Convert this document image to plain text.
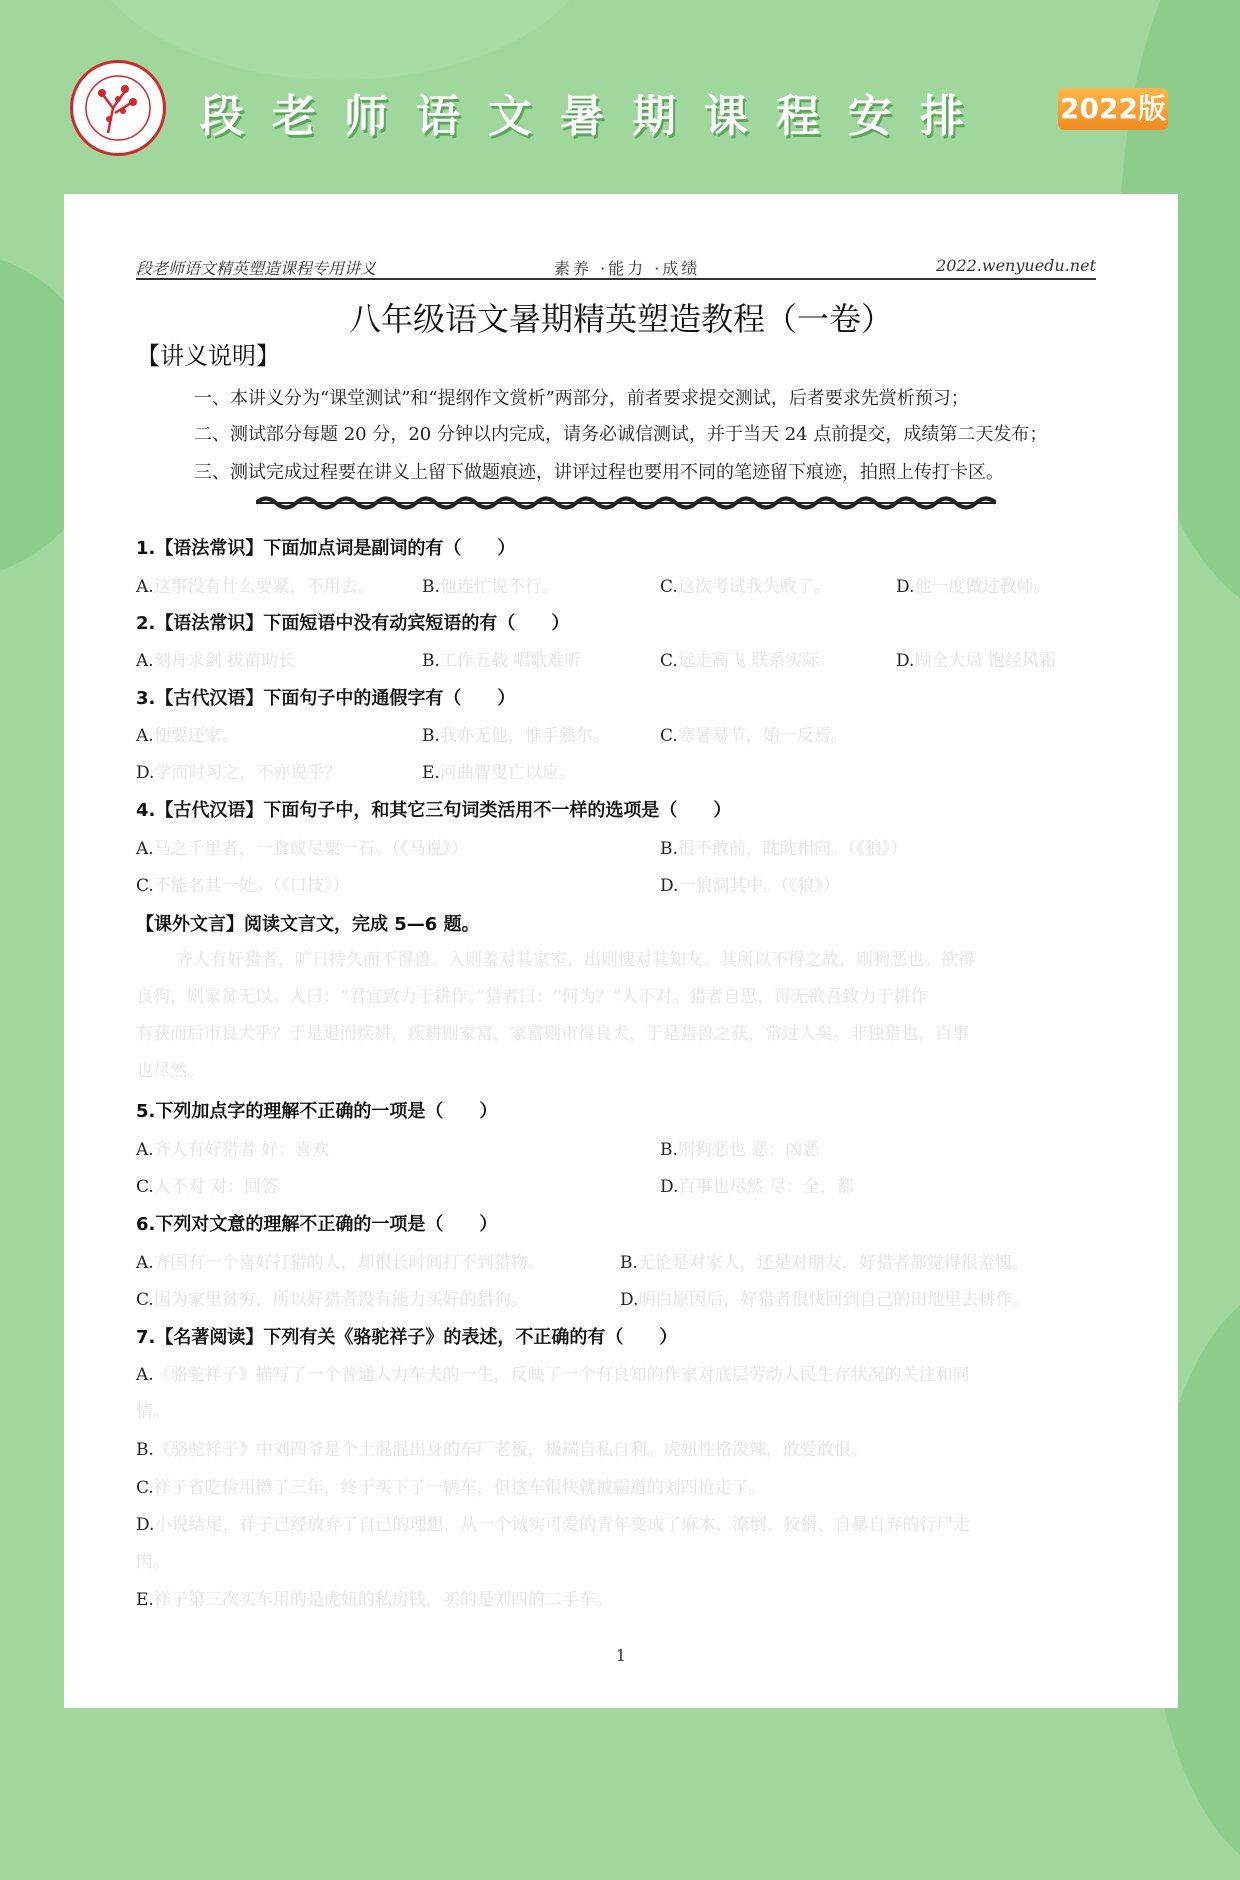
段老师语文暑期课程安排 2022版
段老师语文精英塑造课程专用讲义	素养 ·能力 ·成绩	2022.wenyuedu.net
八年级语文暑期精英塑造教程（一卷）
【讲义说明】
一、本讲义分为“课堂测试”和“提纲作文赏析”两部分，前者要求提交测试，后者要求先赏析预习；
二、测试部分每题 20 分，20 分钟以内完成，请务必诚信测试，并于当天 24 点前提交，成绩第二天发布；
三、测试完成过程要在讲义上留下做题痕迹，讲评过程也要用不同的笔迹留下痕迹，拍照上传打卡区。
1.【语法常识】下面加点词是副词的有（　　）
A.这事没有什么要紧，不用去。	B.他连忙说不行。	C.这次考试我失败了。	D.他一度做过教师。
2.【语法常识】下面短语中没有动宾短语的有（　　）
A.刻舟求剑 拔苗助长	B.工作五载 唱歌难听	C.远走高飞 联系实际	D.顾全大局 饱经风霜
3.【古代汉语】下面句子中的通假字有（　　）
A.便要还家。	B.我亦无他，惟手熟尔。	C.寒暑易节，始一反焉。
D.学而时习之，不亦说乎？	E.河曲智叟亡以应。
4.【古代汉语】下面句子中，和其它三句词类活用不一样的选项是（　　）
A.马之千里者，一食或尽粟一石。（《马说》）	B.很不敢前，眈眈相向。（《狼》）
C.不能名其一处。（《口技》）	D.一狼洞其中。（《狼》）
【课外文言】阅读文言文，完成 5—6 题。

齐人有好猎者，旷日持久而不得兽。入则羞对其家室，出则愧对其知友。其所以不得之故，则狗恶也。欲得

良狗，则家贫无以。人曰：“君宜致力于耕作。”猎者曰：“何为？”人不对。猎者自思，得无欲吾致力于耕作

有获而后市良犬乎？于是退而疾耕，疾耕则家富，家富则市得良犬，于是猎兽之获，常过人矣。非独猎也，百事

也尽然。

5.下列加点字的理解不正确的一项是（　　）
A.齐人有好猎者 好：喜欢	B.则狗恶也 恶：凶恶
C.人不对 对：回答	D.百事也尽然 尽：全，都
6.下列对文意的理解不正确的一项是（　　）
A.齐国有一个喜好打猎的人，却很长时间打不到猎物。	B.无论是对家人，还是对朋友，好猎者都觉得很羞愧。
C.因为家里贫穷，所以好猎者没有能力买好的猎狗。	D.明白原因后，好猎者很快回到自己的田地里去耕作。
7.【名著阅读】下列有关《骆驼祥子》的表述，不正确的有（　　）
A.《骆驼祥子》描写了一个普通人力车夫的一生，反映了一个有良知的作家对底层劳动人民生存状况的关注和同
情。
B.《骆驼祥子》中刘四爷是个土混混出身的车厂老板，极端自私自利。虎妞性格泼辣，敢爱敢恨。
C.祥子省吃俭用攒了三年，终于买下了一辆车，但这车很快就被霸道的刘四抢走了。
D.小说结尾，祥子已经放弃了自己的理想，从一个诚实可爱的青年变成了麻木、潦倒、狡猾、自暴自弃的行尸走
肉。
E.祥子第三次买车用的是虎妞的私房钱，买的是刘四的二手车。
1
